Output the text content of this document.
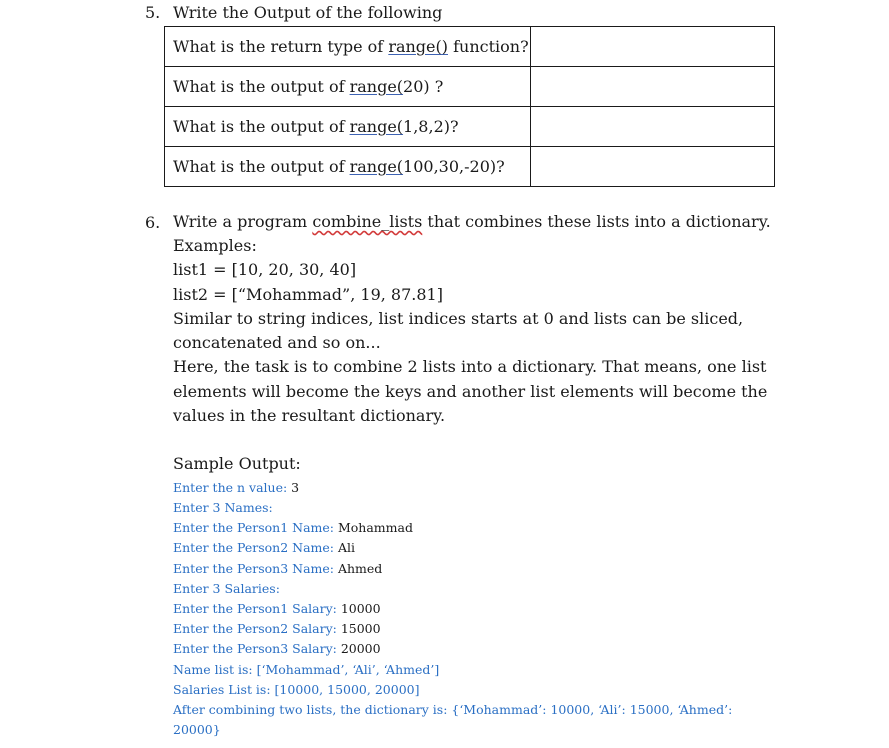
5. Write the Output of the following
What is the return type of range() function?	
What is the output of range(20) ?	
What is the output of range(1,8,2)?	
What is the output of range(100,30,-20)?	
6. Write a program combine_lists that combines these lists into a dictionary.
Examples:
list1 = [10, 20, 30, 40]
list2 = [“Mohammad”, 19, 87.81]
Similar to string indices, list indices starts at 0 and lists can be sliced,
concatenated and so on...
Here, the task is to combine 2 lists into a dictionary. That means, one list
elements will become the keys and another list elements will become the
values in the resultant dictionary.
Sample Output:
Enter the n value: 3
Enter 3 Names:
Enter the Person1 Name: Mohammad
Enter the Person2 Name: Ali
Enter the Person3 Name: Ahmed
Enter 3 Salaries:
Enter the Person1 Salary: 10000
Enter the Person2 Salary: 15000
Enter the Person3 Salary: 20000
Name list is: [‘Mohammad’, ‘Ali’, ‘Ahmed’]
Salaries List is: [10000, 15000, 20000]
After combining two lists, the dictionary is: {‘Mohammad’: 10000, ‘Ali’: 15000, ‘Ahmed’:
20000}
